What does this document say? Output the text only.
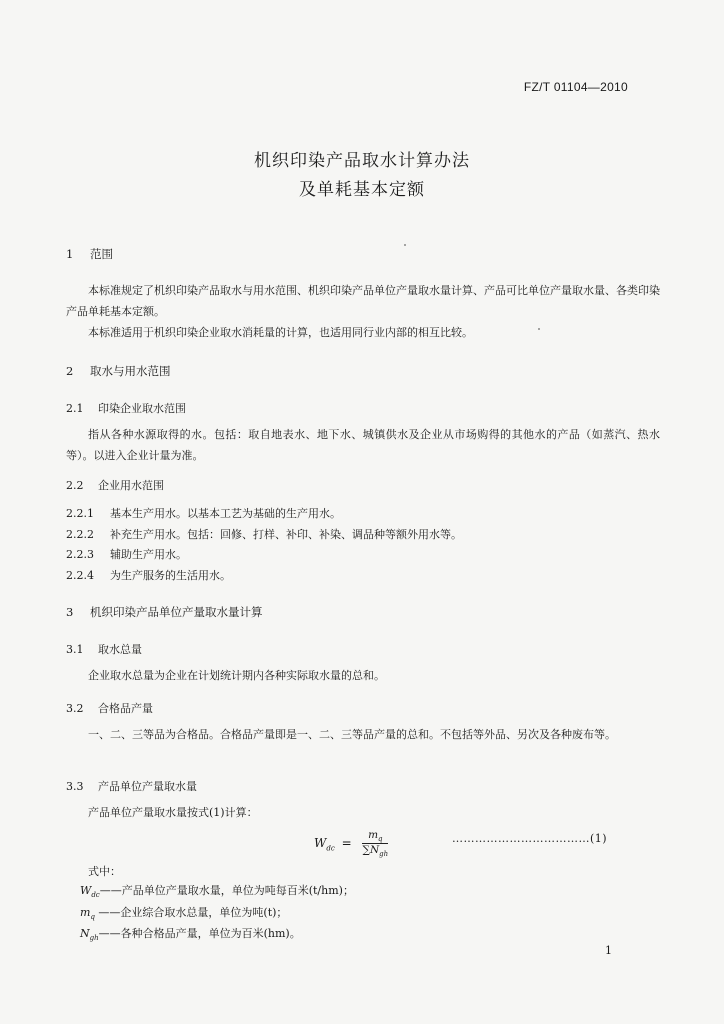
FZ/T 01104—2010
机织印染产品取水计算办法
及单耗基本定额
1 范围
本标准规定了机织印染产品取水与用水范围、机织印染产品单位产量取水量计算、产品可比单位产量取水量、各类印染产品单耗基本定额。
本标准适用于机织印染企业取水消耗量的计算，也适用同行业内部的相互比较。
2 取水与用水范围
2.1 印染企业取水范围
指从各种水源取得的水。包括：取自地表水、地下水、城镇供水及企业从市场购得的其他水的产品（如蒸汽、热水等）。以进入企业计量为准。
2.2 企业用水范围
2.2.1 基本生产用水。以基本工艺为基础的生产用水。
2.2.2 补充生产用水。包括：回修、打样、补印、补染、调品种等额外用水等。
2.2.3 辅助生产用水。
2.2.4 为生产服务的生活用水。
3 机织印染产品单位产量取水量计算
3.1 取水总量
企业取水总量为企业在计划统计期内各种实际取水量的总和。
3.2 合格品产量
一、二、三等品为合格品。合格品产量即是一、二、三等品产量的总和。不包括等外品、另次及各种废布等。
3.3 产品单位产量取水量
产品单位产量取水量按式(1)计算：
$W_{dc} = \frac{m_q}{\sum N_{gh}}$	………………………………(1)
式中：
$W_{dc}——$产品单位产量取水量，单位为吨每百米(t/hm)；
$m_q$ ——企业综合取水总量，单位为吨(t)；
$N_{gh}——$各种合格品产量，单位为百米(hm)。
1
